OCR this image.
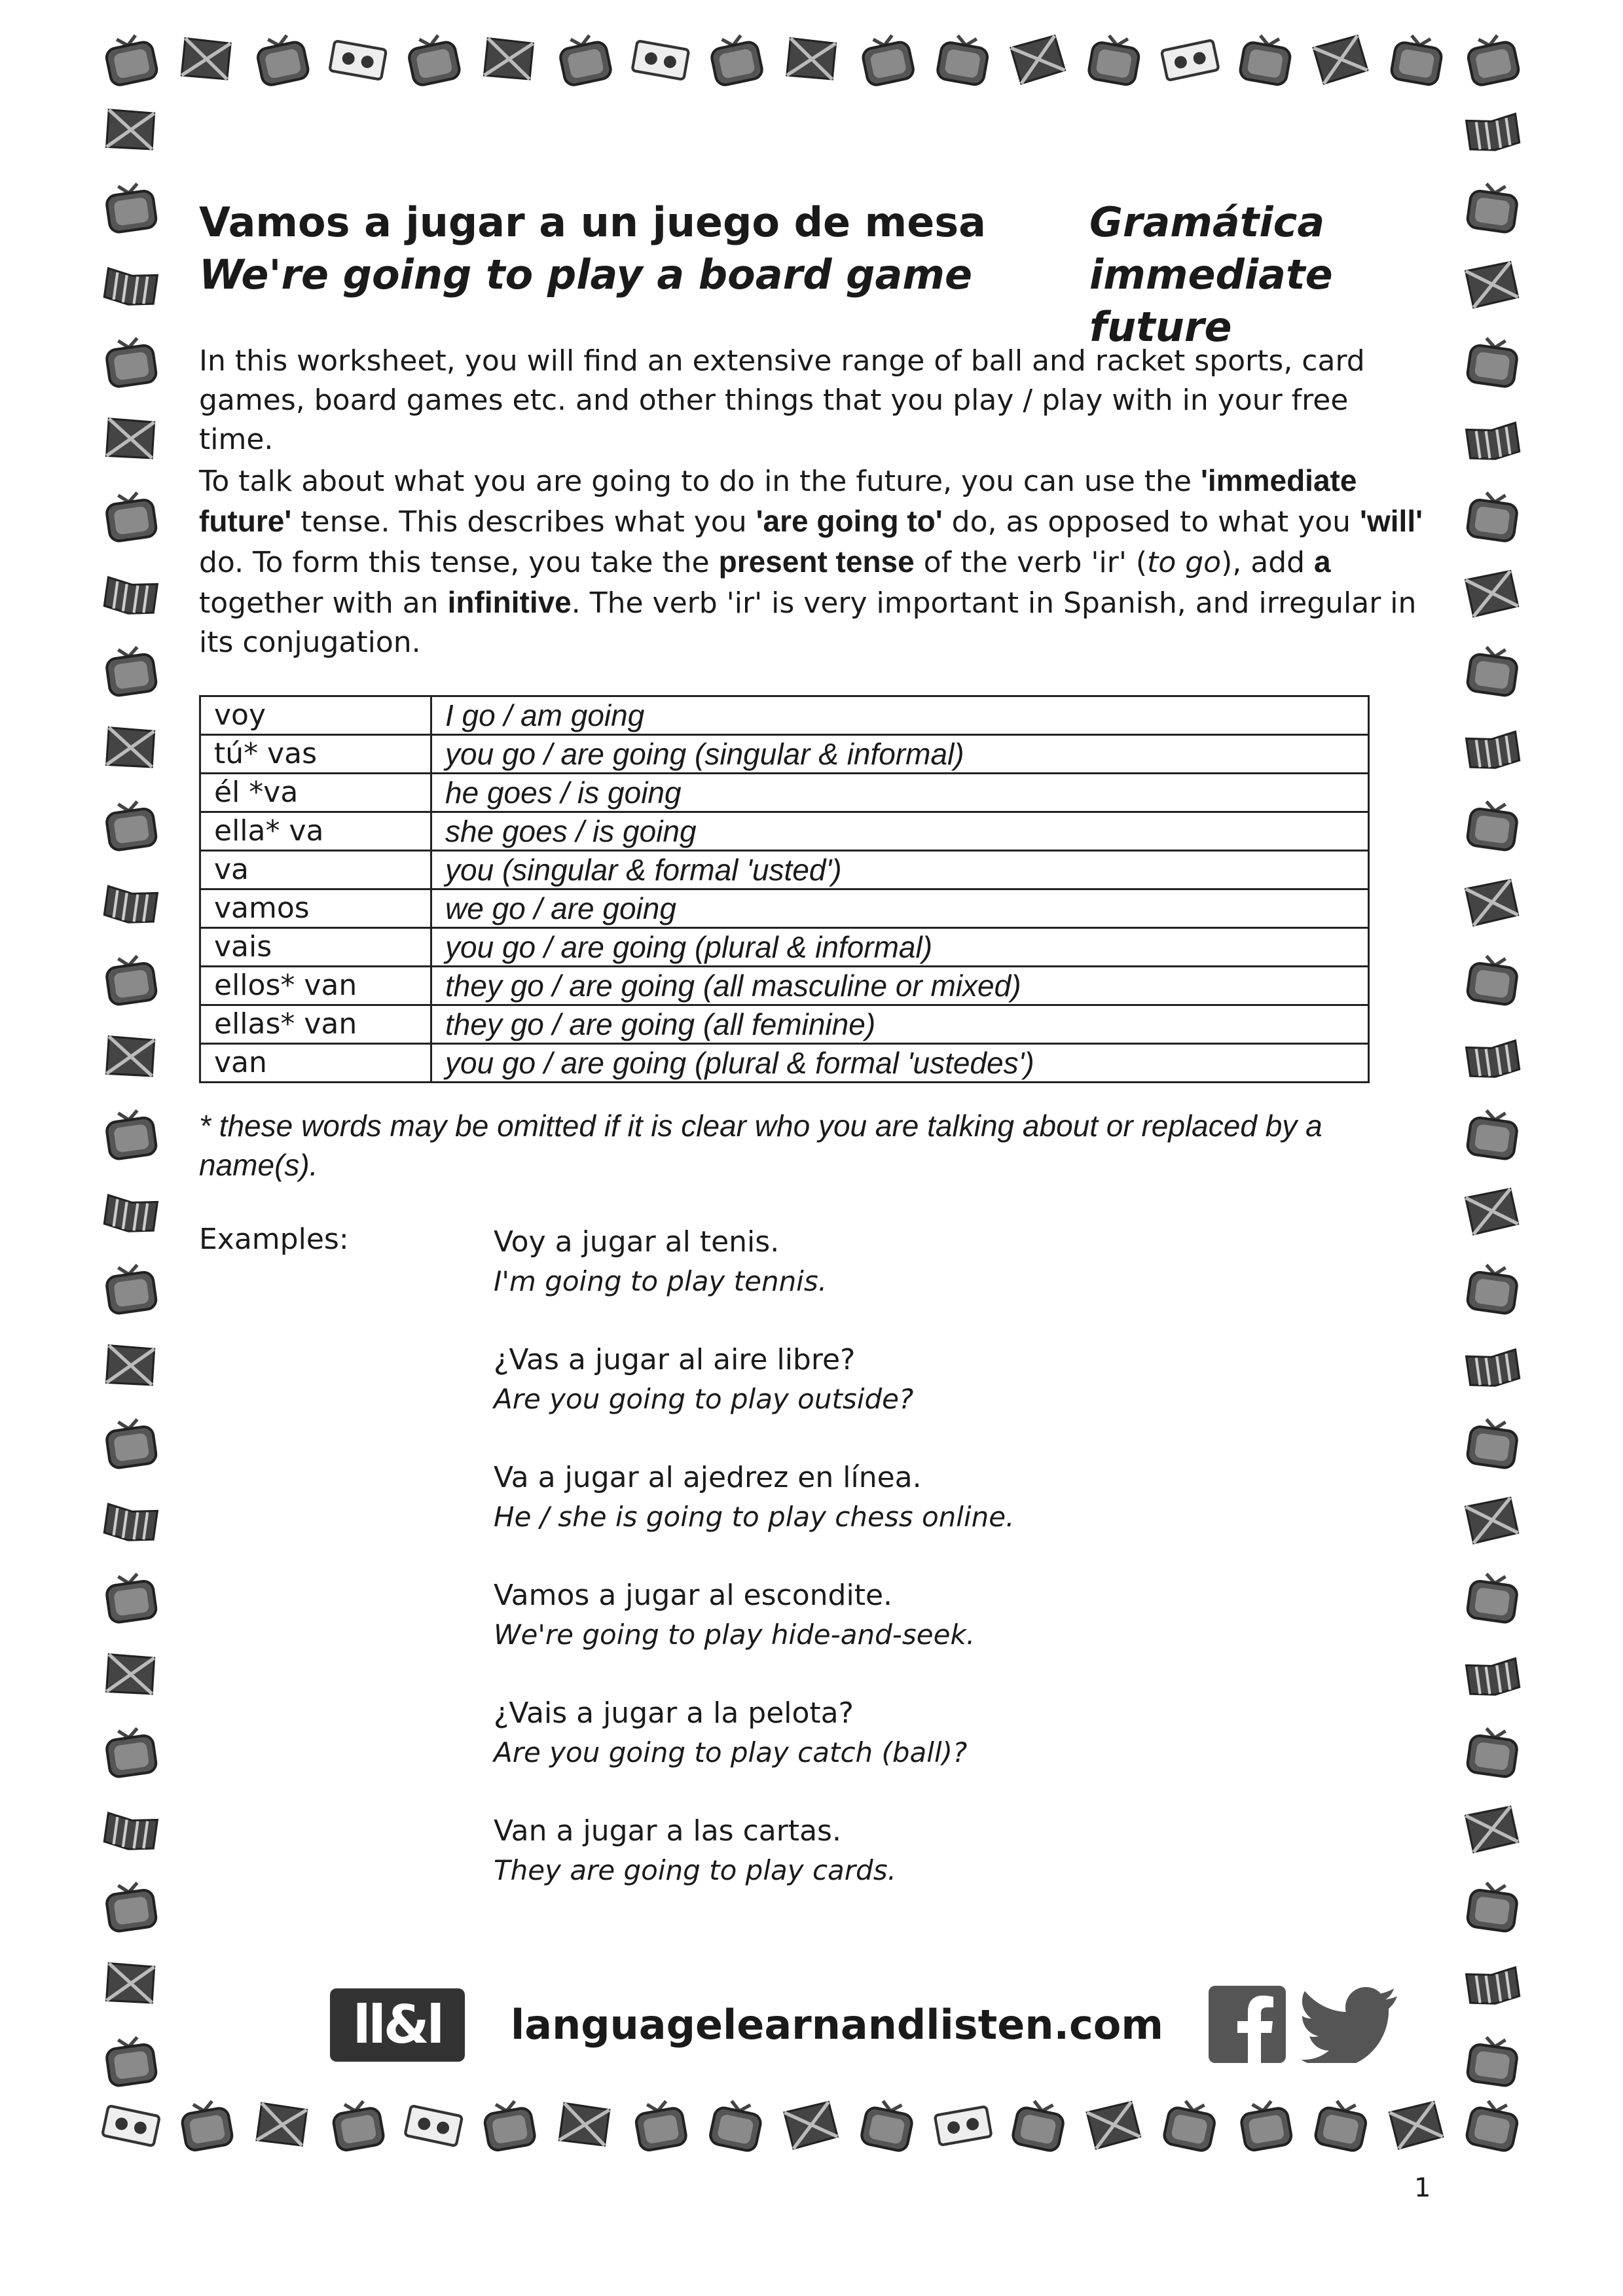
Vamos a jugar a un juego de mesa
We're going to play a board game
Gramática
immediate future
In this worksheet, you will find an extensive range of ball and racket sports, card games, board games etc. and other things that you play / play with in your free time.
To talk about what you are going to do in the future, you can use the 'immediate future' tense. This describes what you 'are going to' do, as opposed to what you 'will' do. To form this tense, you take the present tense of the verb 'ir' (to go), add a together with an infinitive. The verb 'ir' is very important in Spanish, and irregular in its conjugation.
voy	I go / am going
tú* vas	you go / are going (singular & informal)
él *va	he goes / is going
ella* va	she goes / is going
va	you (singular & formal 'usted')
vamos	we go / are going
vais	you go / are going (plural & informal)
ellos* van	they go / are going (all masculine or mixed)
ellas* van	they go / are going (all feminine)
van	you go / are going (plural & formal 'ustedes')
* these words may be omitted if it is clear who you are talking about or replaced by a name(s).
Examples:	Voy a jugar al tenis.
I'm going to play tennis.
¿Vas a jugar al aire libre?
Are you going to play outside?
Va a jugar al ajedrez en línea.
He / she is going to play chess online.
Vamos a jugar al escondite.
We're going to play hide-and-seek.
¿Vais a jugar a la pelota?
Are you going to play catch (ball)?
Van a jugar a las cartas.
They are going to play cards.
ll&l	languagelearnandlisten.com
1
